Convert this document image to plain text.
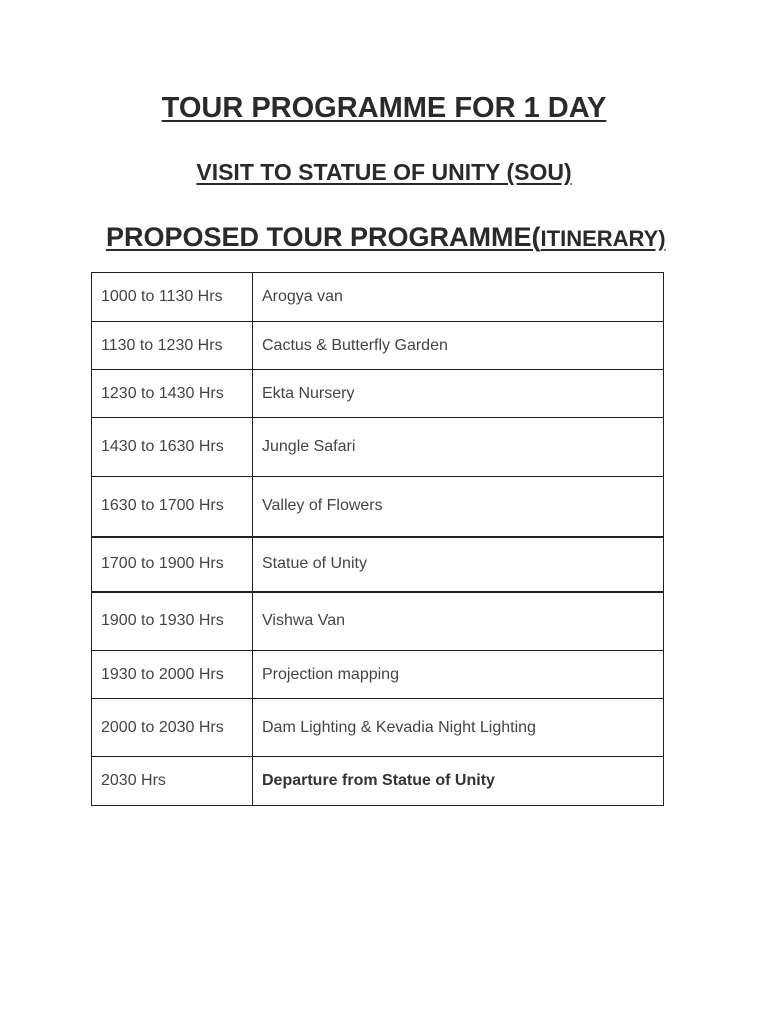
TOUR PROGRAMME FOR 1 DAY
VISIT TO STATUE OF UNITY (SOU)
PROPOSED TOUR PROGRAMME(ITINERARY)
1000 to 1130 Hrs	Arogya van
1130 to 1230 Hrs	Cactus & Butterfly Garden
1230 to 1430 Hrs	Ekta Nursery
1430 to 1630 Hrs	Jungle Safari
1630 to 1700 Hrs	Valley of Flowers
1700 to 1900 Hrs	Statue of Unity
1900 to 1930 Hrs	Vishwa Van
1930 to 2000 Hrs	Projection mapping
2000 to 2030 Hrs	Dam Lighting & Kevadia Night Lighting
2030 Hrs	Departure from Statue of Unity
